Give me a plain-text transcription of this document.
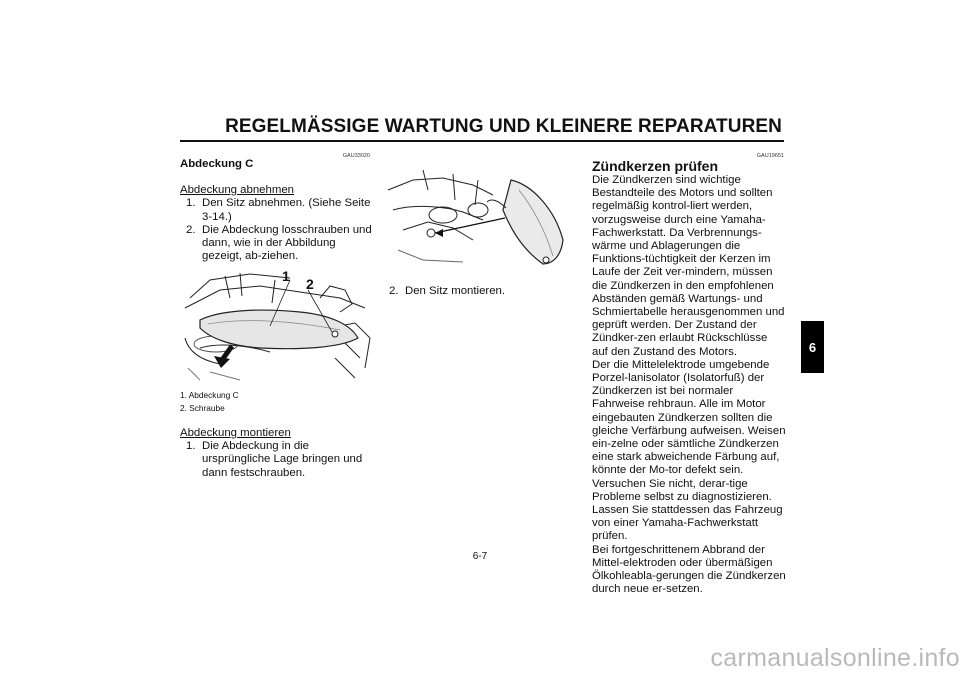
REGELMÄSSIGE WARTUNG UND KLEINERE REPARATUREN
GAU33020

Abdeckung C

Abdeckung abnehmen

1. Den Sitz abnehmen. (Siehe Seite 3-14.)
2. Die Abdeckung losschrauben und dann, wie in der Abbildung gezeigt, ab-ziehen.
1 2

1. Abdeckung C

2. Schraube

Abdeckung montieren

1. Die Abdeckung in die ursprüngliche Lage bringen und dann festschrauben.
2. Den Sitz montieren.
GAU19651

Zündkerzen prüfen

Die Zündkerzen sind wichtige Bestandteile des Motors und sollten regelmäßig kontrol-liert werden, vorzugsweise durch eine Yamaha-Fachwerkstatt. Da Verbrennungs-wärme und Ablagerungen die Funktions-tüchtigkeit der Kerzen im Laufe der Zeit ver-mindern, müssen die Zündkerzen in den empfohlenen Abständen gemäß Wartungs- und Schmiertabelle herausgenommen und geprüft werden. Der Zustand der Zündker-zen erlaubt Rückschlüsse auf den Zustand des Motors.

Der die Mittelelektrode umgebende Porzel-lanisolator (Isolatorfuß) der Zündkerzen ist bei normaler Fahrweise rehbraun. Alle im Motor eingebauten Zündkerzen sollten die gleiche Verfärbung aufweisen. Weisen ein-zelne oder sämtliche Zündkerzen eine stark abweichende Färbung auf, könnte der Mo-tor defekt sein. Versuchen Sie nicht, derar-tige Probleme selbst zu diagnostizieren. Lassen Sie stattdessen das Fahrzeug von einer Yamaha-Fachwerkstatt prüfen.

Bei fortgeschrittenem Abbrand der Mittel-elektroden oder übermäßigen Ölkohleabla-gerungen die Zündkerzen durch neue er-setzen.

6
6-7
carmanualsonline.info
